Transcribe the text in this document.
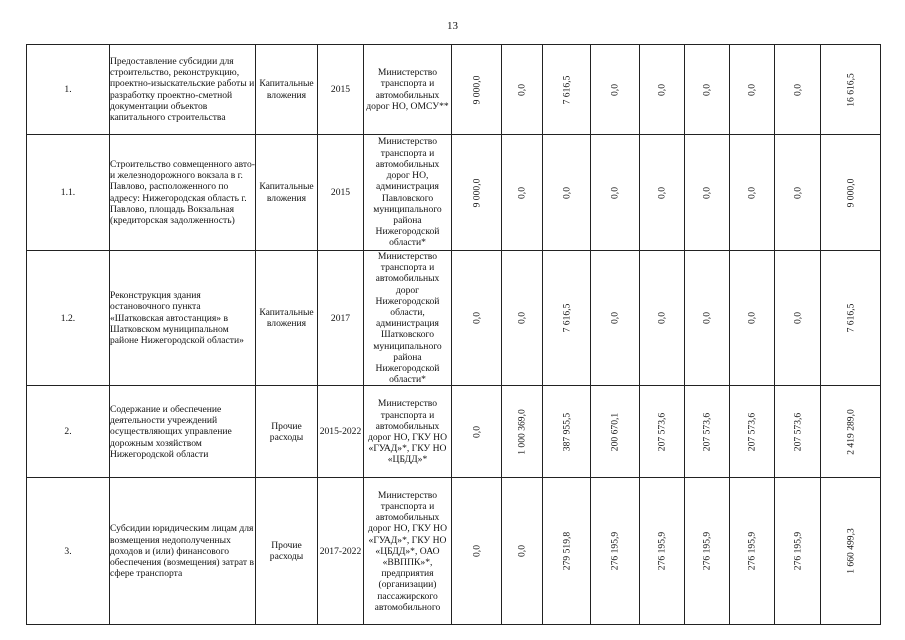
13
1.	Предоставление субсидии для строительство, реконструкцию, проектно-изыскательские работы и разработку проектно-сметной документации объектов капитального строительства	Капитальные вложения	2015	Министерство транспорта и автомобильных дорог НО, ОМСУ**	9 000,0	0,0	7 616,5	0,0	0,0	0,0	0,0	0,0	16 616,5

1.1.	Строительство совмещенного авто- и железнодорожного вокзала в г. Павлово, расположенного по адресу: Нижегородская область г. Павлово, площадь Вокзальная (кредиторская задолженность)	Капитальные вложения	2015	Министерство транспорта и автомобильных дорог НО, администрация Павловского муниципального района Нижегородской области*	9 000,0	0,0	0,0	0,0	0,0	0,0	0,0	0,0	9 000,0

1.2.	Реконструкция здания остановочного пункта «Шатковская автостанция» в Шатковском муниципальном районе Нижегородской области»	Капитальные вложения	2017	Министерство транспорта и автомобильных дорог Нижегородской области, администрация Шатковского муниципального района Нижегородской области*	0,0	0,0	7 616,5	0,0	0,0	0,0	0,0	0,0	7 616,5

2.	Содержание и обеспечение деятельности учреждений осуществляющих управление дорожным хозяйством Нижегородской области	Прочие расходы	2015-2022	Министерство транспорта и автомобильных дорог НО, ГКУ НО «ГУАД»*, ГКУ НО «ЦБДД»*	0,0	1 000 369,0	387 955,5	200 670,1	207 573,6	207 573,6	207 573,6	207 573,6	2 419 289,0

3.	Субсидии юридическим лицам для возмещения недополученных доходов и (или) финансового обеспечения (возмещения) затрат в сфере транспорта	Прочие расходы	2017-2022	Министерство транспорта и автомобильных дорог НО, ГКУ НО «ГУАД»*, ГКУ НО «ЦБДД»*, ОАО «ВВППК»*, предприятия (организации) пассажирского автомобильного	0,0	0,0	279 519,8	276 195,9	276 195,9	276 195,9	276 195,9	276 195,9	1 660 499,3
